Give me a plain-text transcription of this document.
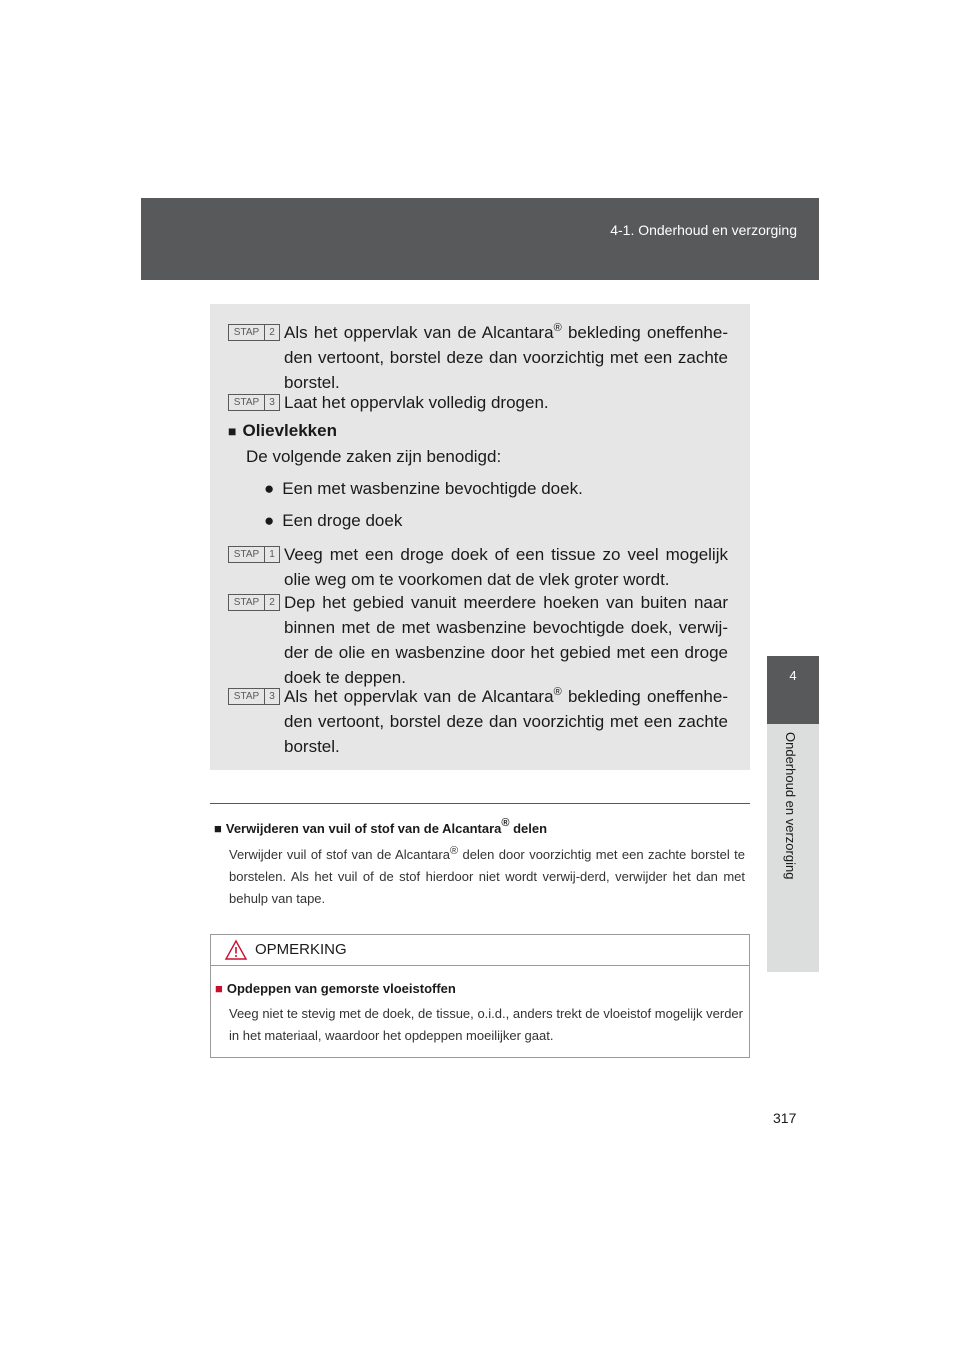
4-1. Onderhoud en verzorging
4
Onderhoud en verzorging
STAP	2 Als het oppervlak van de Alcantara® bekleding oneffenhe-den vertoont, borstel deze dan voorzichtig met een zachte borstel.
STAP	3 Laat het oppervlak volledig drogen.
■ Olievlekken
De volgende zaken zijn benodigd:
● Een met wasbenzine bevochtigde doek.
● Een droge doek
STAP	1 Veeg met een droge doek of een tissue zo veel mogelijk olie weg om te voorkomen dat de vlek groter wordt.
STAP	2 Dep het gebied vanuit meerdere hoeken van buiten naar binnen met de met wasbenzine bevochtigde doek, verwij-der de olie en wasbenzine door het gebied met een droge doek te deppen.
STAP	3 Als het oppervlak van de Alcantara® bekleding oneffenhe-den vertoont, borstel deze dan voorzichtig met een zachte borstel.
■ Verwijderen van vuil of stof van de Alcantara® delen
Verwijder vuil of stof van de Alcantara® delen door voorzichtig met een zachte borstel te borstelen. Als het vuil of de stof hierdoor niet wordt verwij-derd, verwijder het dan met behulp van tape.
OPMERKING
■ Opdeppen van gemorste vloeistoffen
Veeg niet te stevig met de doek, de tissue, o.i.d., anders trekt de vloeistof mogelijk verder in het materiaal, waardoor het opdeppen moeilijker gaat.
317
